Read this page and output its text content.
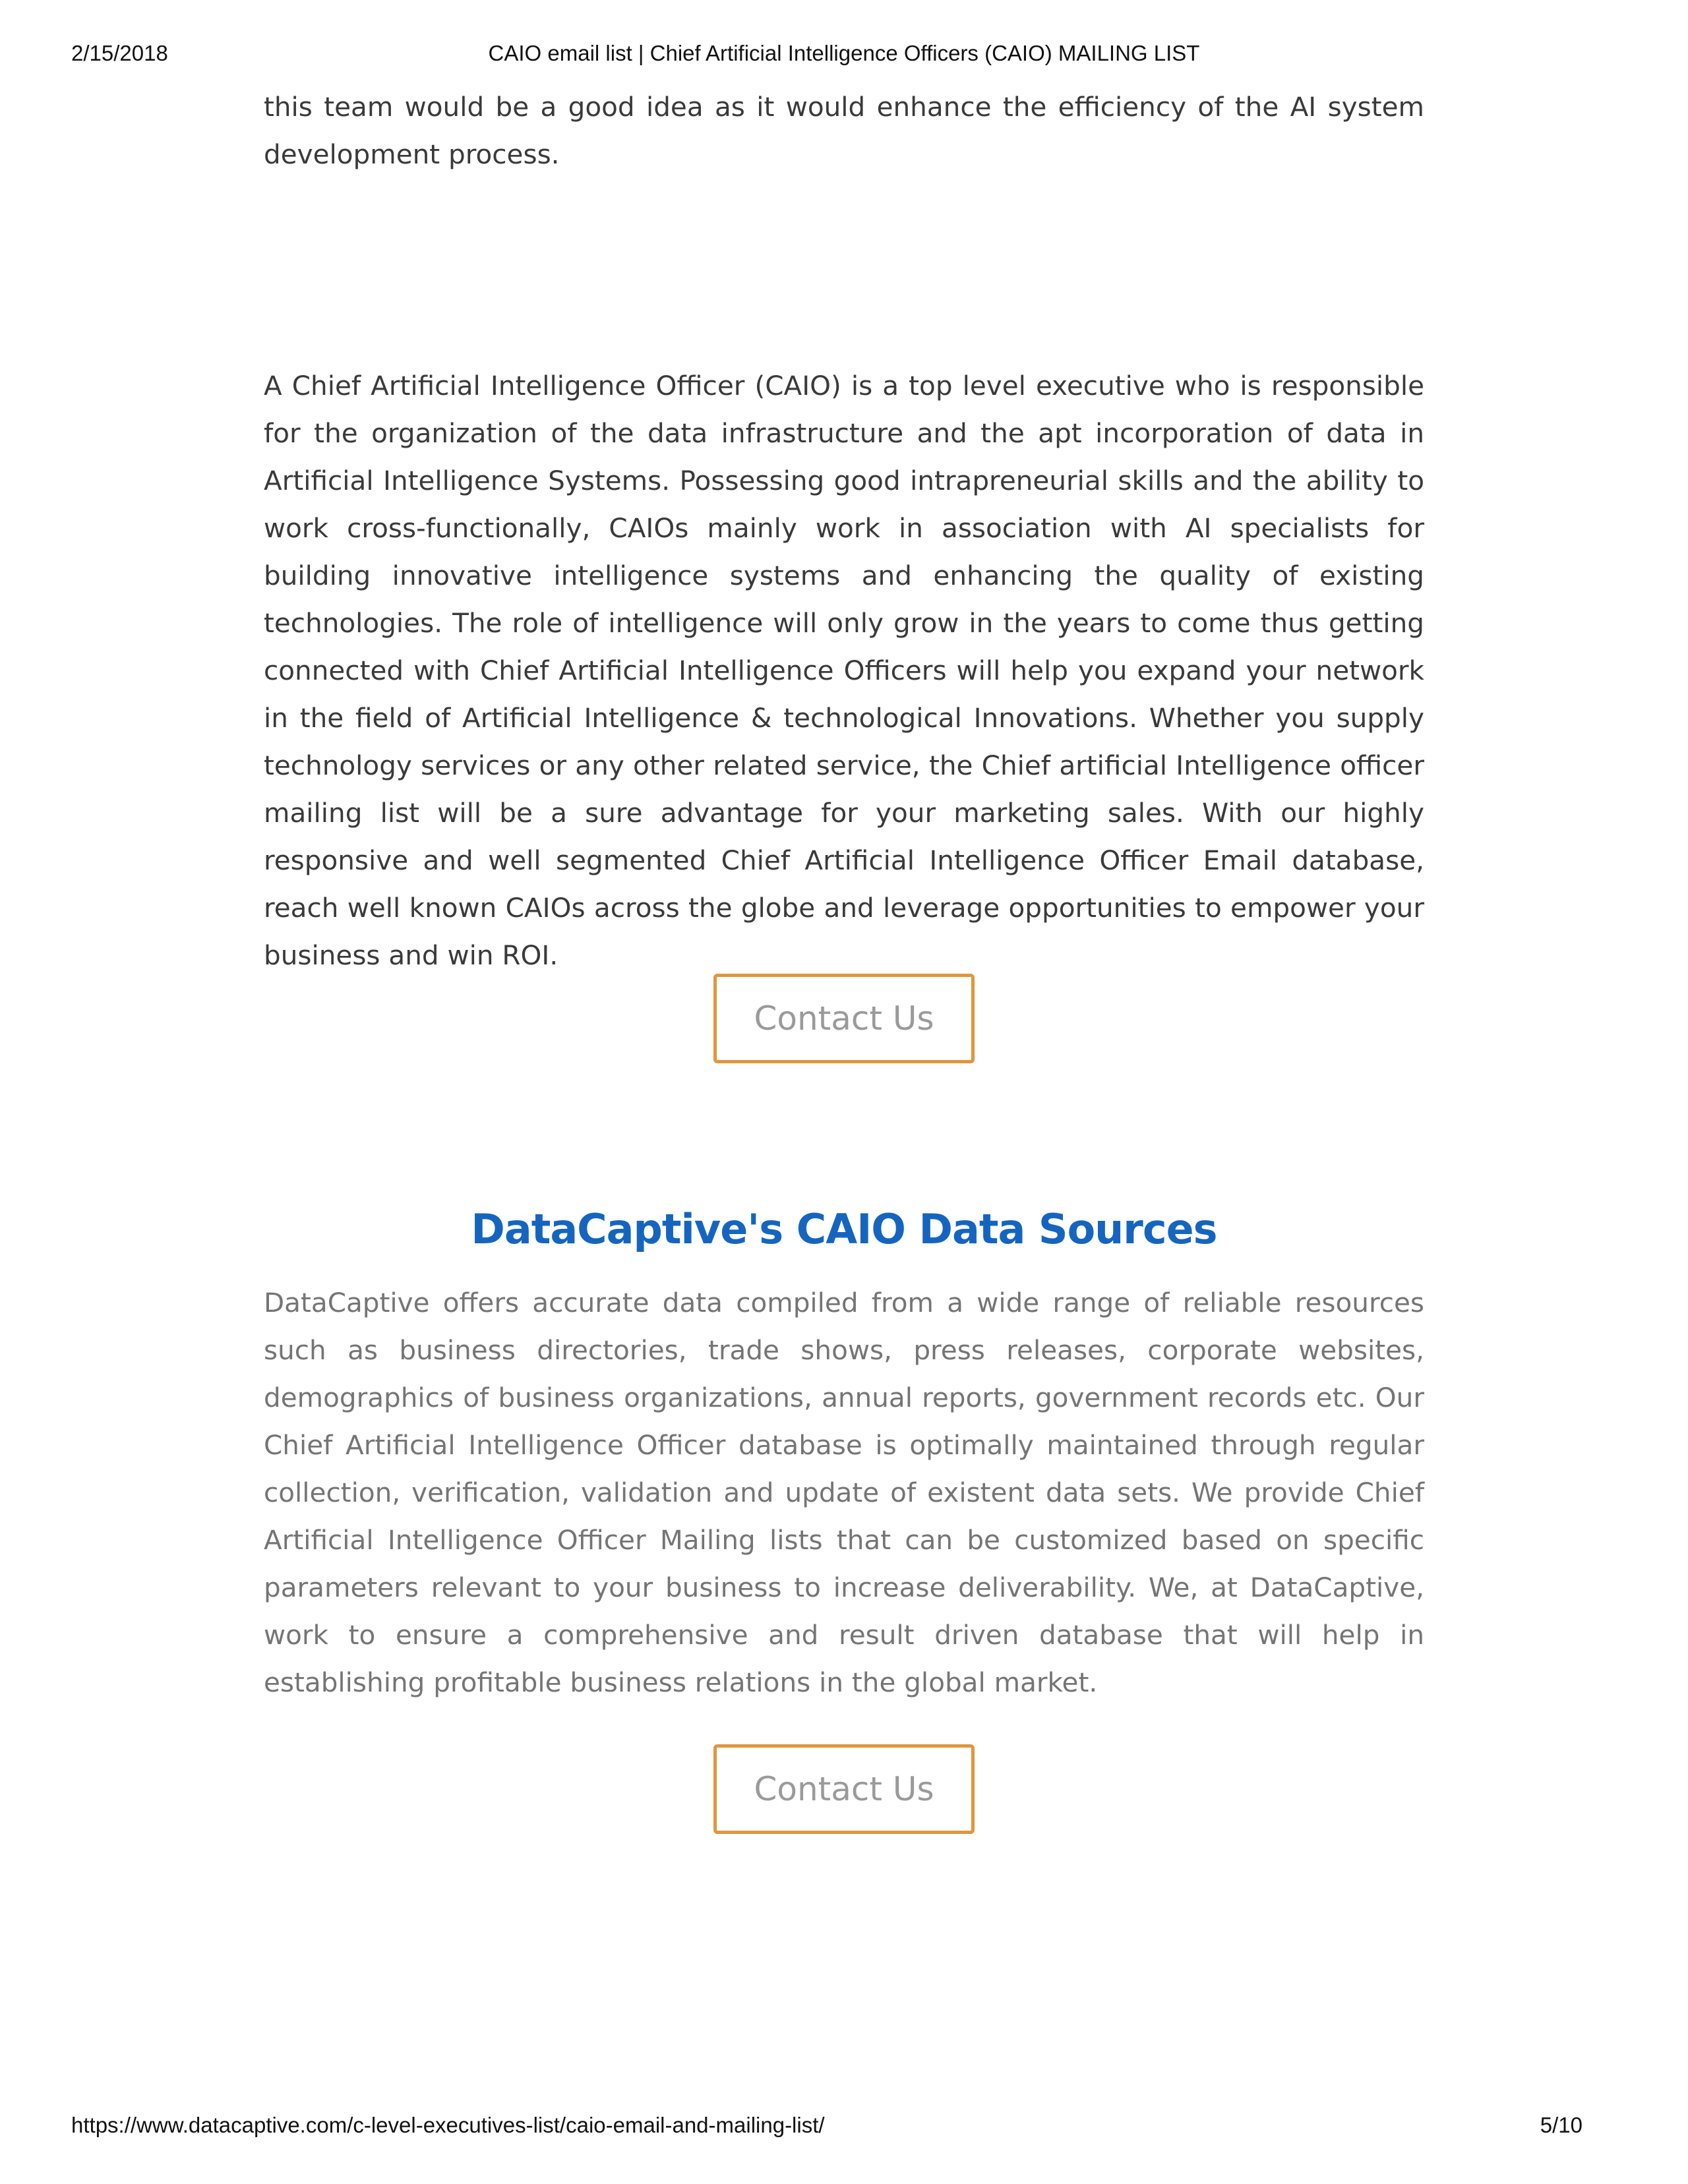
2/15/2018	CAIO email list | Chief Artificial Intelligence Officers (CAIO) MAILING LIST

this team would be a good idea as it would enhance the efficiency of the AI system development process.

A Chief Artificial Intelligence Officer (CAIO) is a top level executive who is responsible for the organization of the data infrastructure and the apt incorporation of data in Artificial Intelligence Systems. Possessing good intrapreneurial skills and the ability to work cross-functionally, CAIOs mainly work in association with AI specialists for building innovative intelligence systems and enhancing the quality of existing technologies. The role of intelligence will only grow in the years to come thus getting connected with Chief Artificial Intelligence Officers will help you expand your network in the field of Artificial Intelligence & technological Innovations. Whether you supply technology services or any other related service, the Chief artificial Intelligence officer mailing list will be a sure advantage for your marketing sales. With our highly responsive and well segmented Chief Artificial Intelligence Officer Email database, reach well known CAIOs across the globe and leverage opportunities to empower your business and win ROI.

Contact Us
DataCaptive's CAIO Data Sources

DataCaptive offers accurate data compiled from a wide range of reliable resources such as business directories, trade shows, press releases, corporate websites, demographics of business organizations, annual reports, government records etc. Our Chief Artificial Intelligence Officer database is optimally maintained through regular collection, verification, validation and update of existent data sets. We provide Chief Artificial Intelligence Officer Mailing lists that can be customized based on specific parameters relevant to your business to increase deliverability. We, at DataCaptive, work to ensure a comprehensive and result driven database that will help in establishing profitable business relations in the global market.

Contact Us
https://www.datacaptive.com/c-level-executives-list/caio-email-and-mailing-list/	5/10
